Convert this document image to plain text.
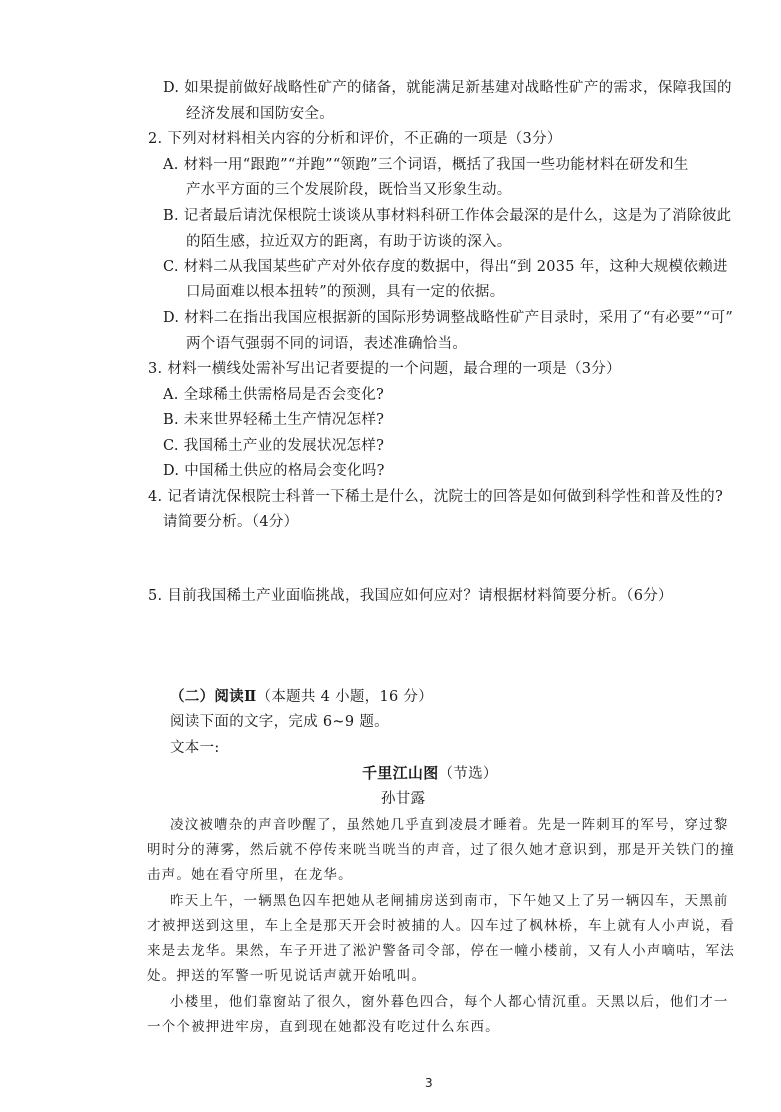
D. 如果提前做好战略性矿产的储备，就能满足新基建对战略性矿产的需求，保障我国的
经济发展和国防安全。
2. 下列对材料相关内容的分析和评价，不正确的一项是（3分）
A. 材料一用“跟跑”“并跑”“领跑”三个词语，概括了我国一些功能材料在研发和生
产水平方面的三个发展阶段，既恰当又形象生动。
B. 记者最后请沈保根院士谈谈从事材料科研工作体会最深的是什么，这是为了消除彼此
的陌生感，拉近双方的距离，有助于访谈的深入。
C. 材料二从我国某些矿产对外依存度的数据中，得出“到 2035 年，这种大规模依赖进
口局面难以根本扭转”的预测，具有一定的依据。
D. 材料二在指出我国应根据新的国际形势调整战略性矿产目录时，采用了“有必要”“可”
两个语气强弱不同的词语，表述准确恰当。
3. 材料一横线处需补写出记者要提的一个问题，最合理的一项是（3分）
A. 全球稀土供需格局是否会变化?
B. 未来世界轻稀土生产情况怎样?
C. 我国稀土产业的发展状况怎样?
D. 中国稀土供应的格局会变化吗?
4. 记者请沈保根院士科普一下稀土是什么，沈院士的回答是如何做到科学性和普及性的?
请简要分析。（4分）
5. 目前我国稀土产业面临挑战，我国应如何应对？请根据材料简要分析。（6分）
（二）阅读Ⅱ（本题共 4 小题，16 分）
阅读下面的文字，完成 6~9 题。
文本一:
千里江山图（节选）
孙甘露
凌汶被嘈杂的声音吵醒了，虽然她几乎直到凌晨才睡着。先是一阵刺耳的军号，穿过黎
明时分的薄雾，然后就不停传来咣当咣当的声音，过了很久她才意识到，那是开关铁门的撞
击声。她在看守所里，在龙华。
昨天上午，一辆黑色囚车把她从老闸捕房送到南市，下午她又上了另一辆囚车，天黑前
才被押送到这里，车上全是那天开会时被捕的人。囚车过了枫林桥，车上就有人小声说，看
来是去龙华。果然，车子开进了淞沪警备司令部，停在一幢小楼前，又有人小声嘀咕，军法
处。押送的军警一听见说话声就开始吼叫。
小楼里，他们靠窗站了很久，窗外暮色四合，每个人都心情沉重。天黑以后，他们才一
一个个被押进牢房，直到现在她都没有吃过什么东西。
3
